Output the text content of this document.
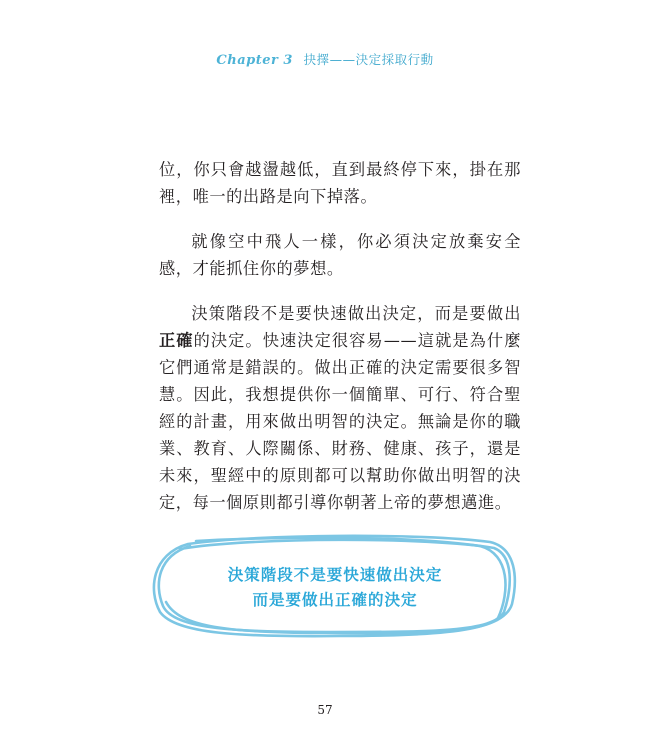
Chapter 3 抉擇——決定採取行動

位，你只會越盪越低，直到最終停下來，掛在那裡，唯一的出路是向下掉落。

就像空中飛人一樣，你必須決定放棄安全感，才能抓住你的夢想。

決策階段不是要快速做出決定，而是要做出正確的決定。快速決定很容易——這就是為什麼它們通常是錯誤的。做出正確的決定需要很多智慧。因此，我想提供你一個簡單、可行、符合聖經的計畫，用來做出明智的決定。無論是你的職業、教育、人際關係、財務、健康、孩子，還是未來，聖經中的原則都可以幫助你做出明智的決定，每一個原則都引導你朝著上帝的夢想邁進。

決策階段不是要快速做出決定
而是要做出正確的決定
57
